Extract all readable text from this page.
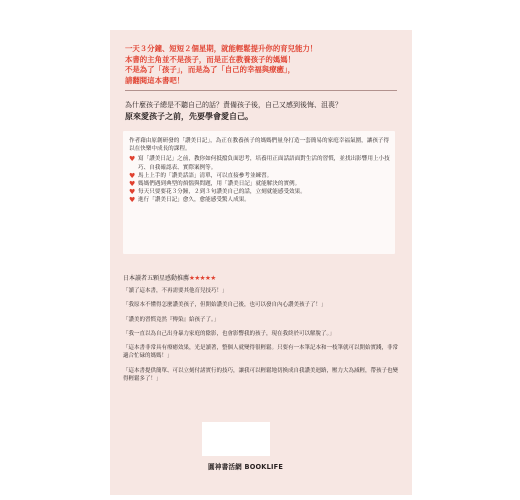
一天３分鐘、短短２個星期，就能輕鬆提升你的育兒能力！
本書的主角並不是孩子，而是正在教養孩子的媽媽！
不是為了「孩子」，而是為了「自己的幸福與療癒」，
請翻閱這本書吧！
為什麼孩子總是不聽自己的話？責備孩子後，自己又感到後悔、沮喪？
原來愛孩子之前，先要學會愛自己。
作者藉由原創研發的「讚美日記」，為正在教養孩子的媽媽們量身打造一套簡易的家庭幸福氣圍，讓孩子得以在快樂中成長的課程。
♥ 寫「讚美日記」之前，教你如何抵擋負面思考，培養用正面話語面對生活的習慣，並找出影響用上小技巧、自我確認表、實際案例等。
♥ 馬上上手的「讚美話語」清單，可以直接參考並練習。
♥ 媽媽們遇到典型的煩惱與問題，用「讚美日記」就能解決的實例。
♥ 每天只要要花３分鐘，２到３句讚美自己的話，立刻就能感受效果。
♥ 進行「讚美日記」愈久，愈能感受驚人成果。
日本讀者五顆星感動推薦★★★★★
「讀了這本書，不再需要其他育兒技巧！」
「我原本不懂得怎麼讚美孩子，但開始讚美自己後，也可以發自內心讚美孩子了！」
「讚美的習慣竟然『傳染』給孩子了。」
「我一直以為自己出身暴力家庭的陰影，也會影響我的孩子，現在我終於可以解脫了。」
「這本書非常具有療癒效果，光是讀著，整個人就變得很輕鬆。只要有一本筆記本和一枝筆就可以開始實踐，非常適合忙碌的媽媽！」
「這本書提供簡單、可以立刻付諸實行的技巧，讓我可以輕鬆地切換成自我讚美迴路，壓力大為減輕，帶孩子也變得輕鬆多了！」
圓神書活網 BOOKLIFE
